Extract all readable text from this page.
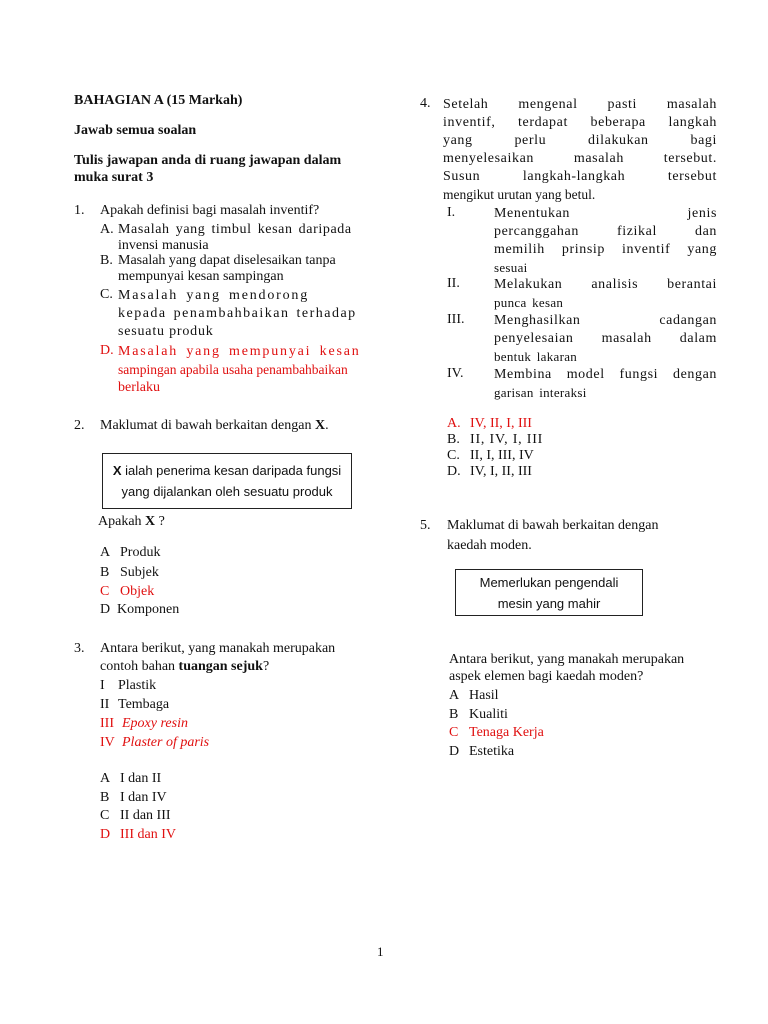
BAHAGIAN A (15 Markah)
Jawab semua soalan
Tulis jawapan anda di ruang jawapan dalam
muka surat 3
1. Apakah definisi bagi masalah inventif?
A. Masalah yang timbul kesan daripada
invensi manusia
B. Masalah yang dapat diselesaikan tanpa
mempunyai kesan sampingan
C. Masalah yang mendorong
kepada penambahbaikan terhadap
sesuatu produk
D. Masalah yang mempunyai kesan
sampingan apabila usaha penambahbaikan
berlaku
2. Maklumat di bawah berkaitan dengan X.
X ialah penerima kesan daripada fungsi
yang dijalankan oleh sesuatu produk
Apakah X ?
A Produk
B Subjek
C Objek
D Komponen
3. Antara berikut, yang manakah merupakan
contoh bahan tuangan sejuk?
I Plastik
II Tembaga
III Epoxy resin
IV Plaster of paris
A I dan II
B I dan IV
C II dan III
D III dan IV
4. Setelah mengenal pasti masalah
inventif, terdapat beberapa langkah
yang perlu dilakukan bagi
menyelesaikan masalah tersebut.
Susun langkah-langkah tersebut
mengikut urutan yang betul.
I.	Menentukan jenis
percanggahan fizikal dan
memilih prinsip inventif yang
sesuai
II. Melakukan analisis berantai
punca kesan
III. Menghasilkan cadangan
penyelesaian masalah dalam
bentuk lakaran
IV. Membina model fungsi dengan
garisan interaksi
A. IV, II, I, III
B. II, IV, I, III
C. II, I, III, IV
D. IV, I, II, III
5. Maklumat di bawah berkaitan dengan
kaedah moden.
Memerlukan pengendali
mesin yang mahir
Antara berikut, yang manakah merupakan
aspek elemen bagi kaedah moden?
A Hasil
B Kualiti
C Tenaga Kerja
D Estetika
1
